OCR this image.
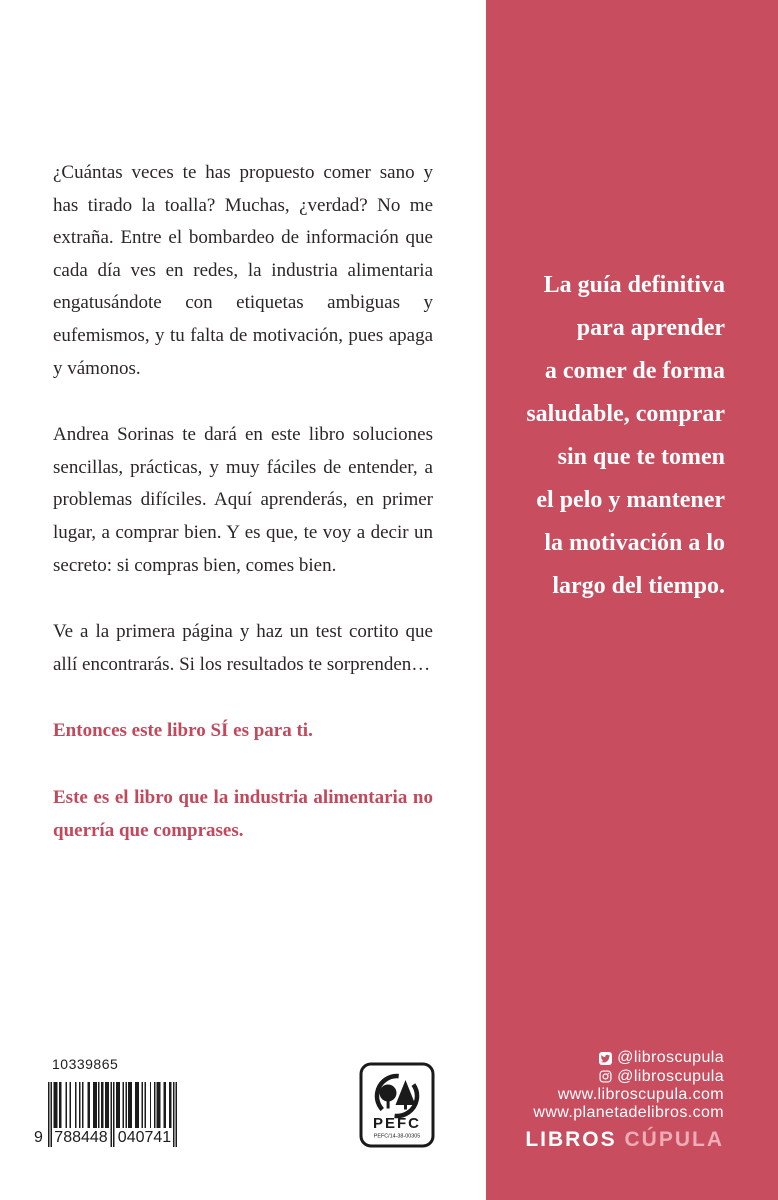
¿Cuántas veces te has propuesto comer sano y has tirado la toalla? Muchas, ¿verdad? No me extraña. Entre el bombardeo de información que cada día ves en redes, la industria alimentaria engatusándote con etiquetas ambiguas y eufemismos, y tu falta de motivación, pues apaga y vámonos.

Andrea Sorinas te dará en este libro soluciones sencillas, prácticas, y muy fáciles de entender, a problemas difíciles. Aquí aprenderás, en primer lugar, a comprar bien. Y es que, te voy a decir un secreto: si compras bien, comes bien.

Ve a la primera página y haz un test cortito que allí encontrarás. Si los resultados te sorprenden…

Entonces este libro SÍ es para ti.

Este es el libro que la industria alimentaria no querría que comprases.

10339865
9 788448 040741
PEFC
PEFC/14-38-00305
La guía definitiva
para aprender
a comer de forma
saludable, comprar
sin que te tomen
el pelo y mantener
la motivación a lo
largo del tiempo.
@libroscupula
@libroscupula
www.libroscupula.com
www.planetadelibros.com
LIBROS CÚPULA
